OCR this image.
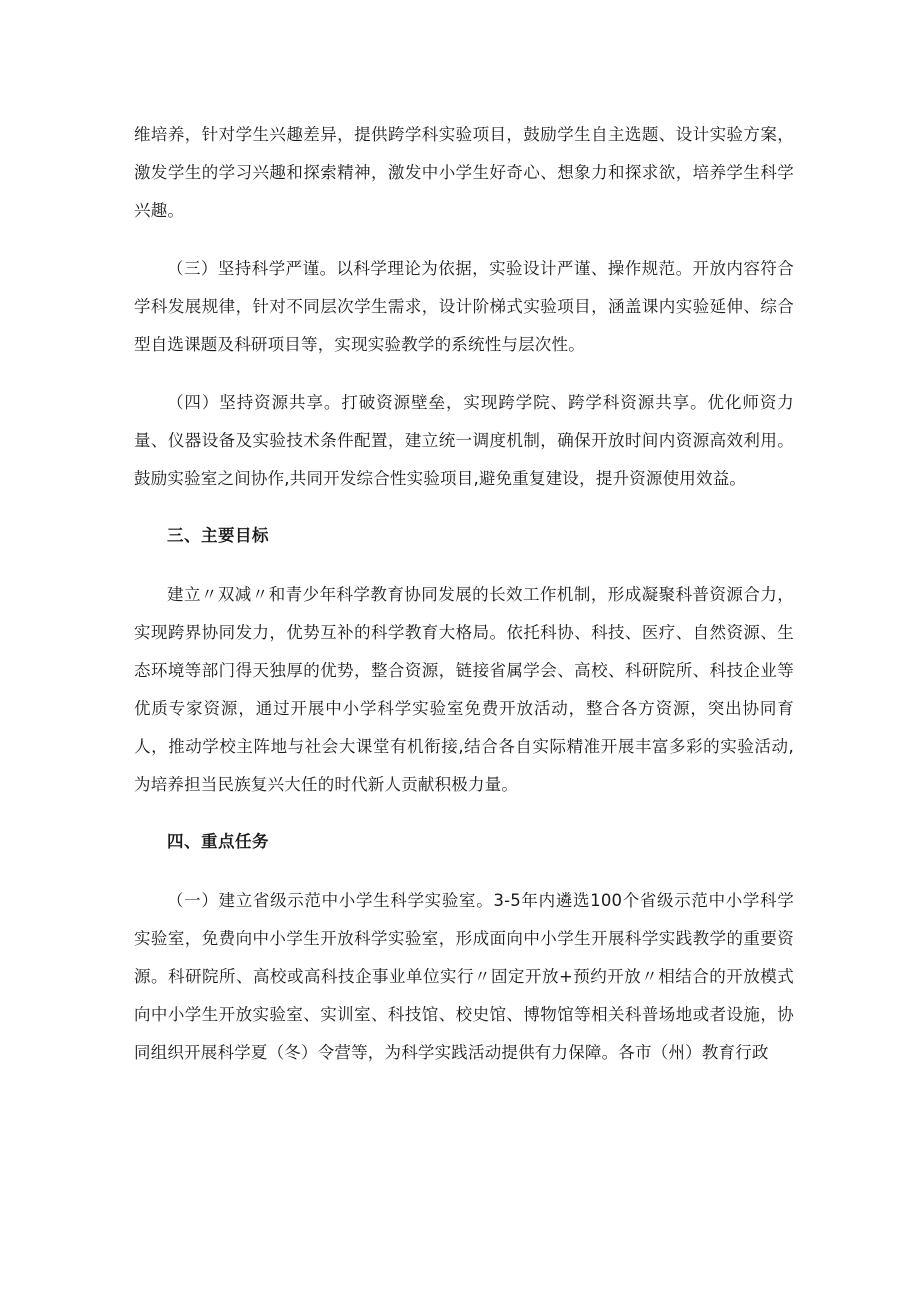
维培养，针对学生兴趣差异，提供跨学科实验项目，鼓励学生自主选题、设计实验方案，激发学生的学习兴趣和探索精神，激发中小学生好奇心、想象力和探求欲，培养学生科学兴趣。

（三）坚持科学严谨。以科学理论为依据，实验设计严谨、操作规范。开放内容符合学科发展规律，针对不同层次学生需求，设计阶梯式实验项目，涵盖课内实验延伸、综合型自选课题及科研项目等，实现实验教学的系统性与层次性。

（四）坚持资源共享。打破资源壁垒，实现跨学院、跨学科资源共享。优化师资力量、仪器设备及实验技术条件配置，建立统一调度机制，确保开放时间内资源高效利用。鼓励实验室之间协作,共同开发综合性实验项目,避免重复建设，提升资源使用效益。

三、主要目标

建立〃双减〃和青少年科学教育协同发展的长效工作机制，形成凝聚科普资源合力，实现跨界协同发力，优势互补的科学教育大格局。依托科协、科技、医疗、自然资源、生态环境等部门得天独厚的优势，整合资源，链接省属学会、高校、科研院所、科技企业等优质专家资源，通过开展中小学科学实验室免费开放活动，整合各方资源，突出协同育人，推动学校主阵地与社会大课堂有机衔接,结合各自实际精准开展丰富多彩的实验活动,为培养担当民族复兴大任的时代新人贡献积极力量。

四、重点任务

（一）建立省级示范中小学生科学实验室。3-5年内遴选100个省级示范中小学科学实验室，免费向中小学生开放科学实验室，形成面向中小学生开展科学实践教学的重要资源。科研院所、高校或高科技企事业单位实行〃固定开放+预约开放〃相结合的开放模式向中小学生开放实验室、实训室、科技馆、校史馆、博物馆等相关科普场地或者设施，协同组织开展科学夏（冬）令营等，为科学实践活动提供有力保障。各市（州）教育行政
